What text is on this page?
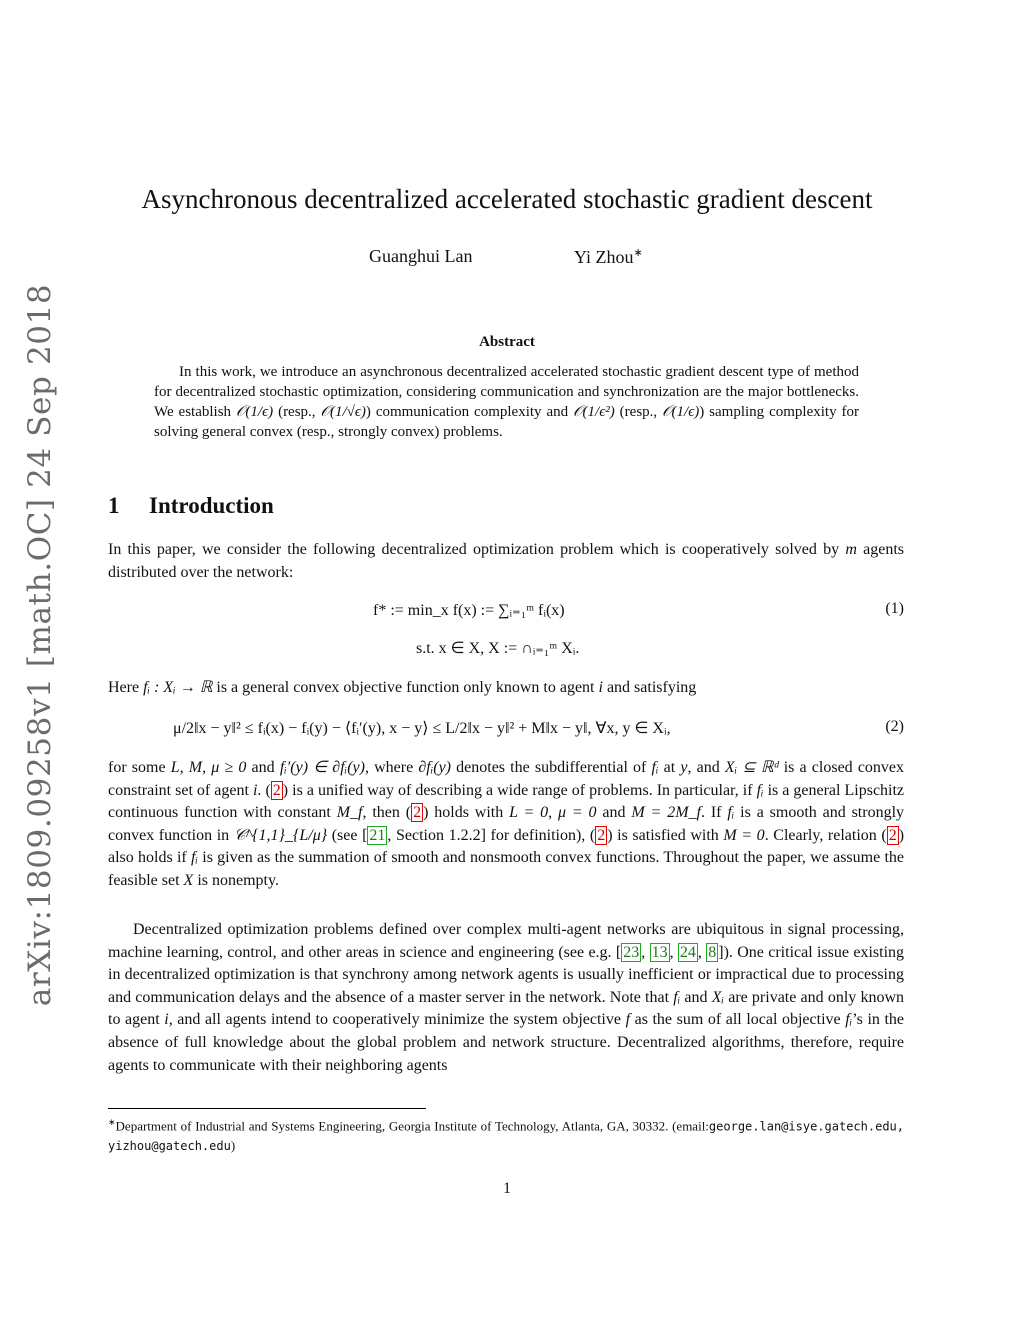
arXiv:1809.09258v1 [math.OC] 24 Sep 2018
Asynchronous decentralized accelerated stochastic gradient descent
Guanghui Lan	Yi Zhou∗
Abstract
In this work, we introduce an asynchronous decentralized accelerated stochastic gradient descent type of method for decentralized stochastic optimization, considering communication and synchronization are the major bottlenecks. We establish 𝒪(1/ϵ) (resp., 𝒪(1/√ϵ)) communication complexity and 𝒪(1/ϵ²) (resp., 𝒪(1/ϵ)) sampling complexity for solving general convex (resp., strongly convex) problems.
1 Introduction
In this paper, we consider the following decentralized optimization problem which is cooperatively solved by m agents distributed over the network:
f* := min_x f(x) := ∑ᵢ₌₁ᵐ fᵢ(x)
s.t. x ∈ X, X := ∩ᵢ₌₁ᵐ Xᵢ.
(1)
Here fᵢ : Xᵢ → ℝ is a general convex objective function only known to agent i and satisfying
μ/2‖x − y‖² ≤ fᵢ(x) − fᵢ(y) − ⟨fᵢ′(y), x − y⟩ ≤ L/2‖x − y‖² + M‖x − y‖, ∀x, y ∈ Xᵢ,	(2)
for some L, M, μ ≥ 0 and fᵢ′(y) ∈ ∂fᵢ(y), where ∂fᵢ(y) denotes the subdifferential of fᵢ at y, and Xᵢ ⊆ ℝᵈ is a closed convex constraint set of agent i. ( 2 ) is a unified way of describing a wide range of problems. In particular, if fᵢ is a general Lipschitz continuous function with constant M_f, then ( 2 ) holds with L = 0, μ = 0 and M = 2M_f. If fᵢ is a smooth and strongly convex function in 𝒞^{1,1}_{L/μ} (see [ 21 , Section 1.2.2] for definition), ( 2 ) is satisfied with M = 0. Clearly, relation ( 2 ) also holds if fᵢ is given as the summation of smooth and nonsmooth convex functions. Throughout the paper, we assume the feasible set X is nonempty.
Decentralized optimization problems defined over complex multi-agent networks are ubiquitous in signal processing, machine learning, control, and other areas in science and engineering (see e.g. [ 23 , 13 , 24 , 8 ]). One critical issue existing in decentralized optimization is that synchrony among network agents is usually inefficient or impractical due to processing and communication delays and the absence of a master server in the network. Note that fᵢ and Xᵢ are private and only known to agent i, and all agents intend to cooperatively minimize the system objective f as the sum of all local objective fᵢ’s in the absence of full knowledge about the global problem and network structure. Decentralized algorithms, therefore, require agents to communicate with their neighboring agents
∗Department of Industrial and Systems Engineering, Georgia Institute of Technology, Atlanta, GA, 30332. (email:george.lan@isye.gatech.edu, yizhou@gatech.edu)
1
